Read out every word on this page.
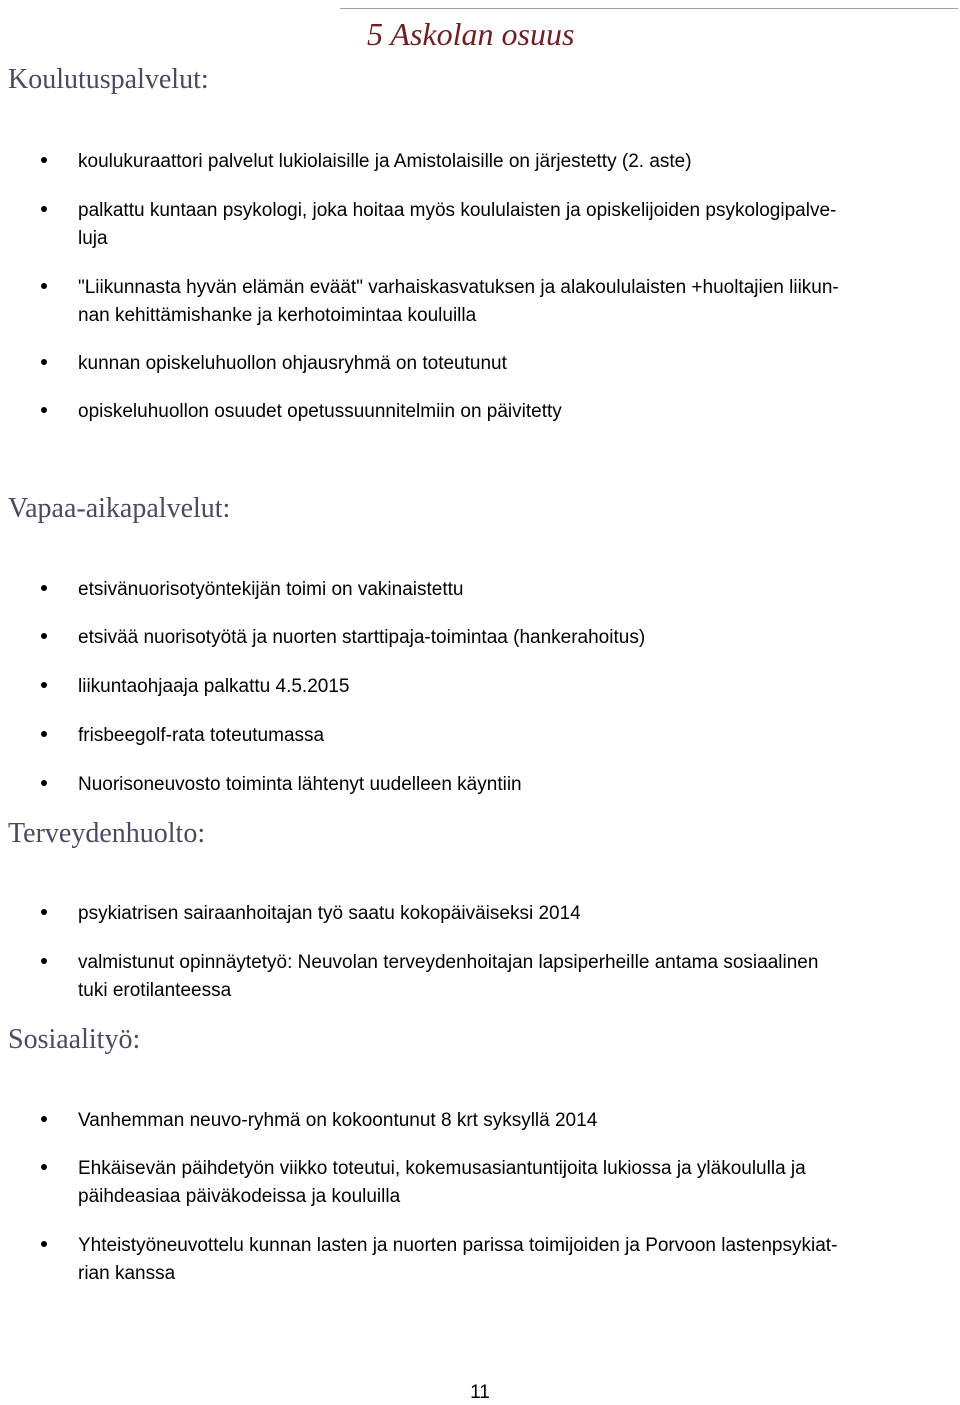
5 Askolan osuus
Koulutuspalvelut:
koulukuraattori palvelut lukiolaisille ja Amistolaisille on järjestetty (2. aste)
palkattu kuntaan psykologi, joka hoitaa myös koululaisten ja opiskelijoiden psykologipalve-
luja
"Liikunnasta hyvän elämän eväät" varhaiskasvatuksen ja alakoululaisten +huoltajien liikun-
nan kehittämishanke ja kerhotoimintaa kouluilla
kunnan opiskeluhuollon ohjausryhmä on toteutunut
opiskeluhuollon osuudet opetussuunnitelmiin on päivitetty
Vapaa-aikapalvelut:
etsivänuorisotyöntekijän toimi on vakinaistettu
etsivää nuorisotyötä ja nuorten starttipaja-toimintaa (hankerahoitus)
liikuntaohjaaja palkattu 4.5.2015
frisbeegolf-rata toteutumassa
Nuorisoneuvosto toiminta lähtenyt uudelleen käyntiin
Terveydenhuolto:
psykiatrisen sairaanhoitajan työ saatu kokopäiväiseksi 2014
valmistunut opinnäytetyö: Neuvolan terveydenhoitajan lapsiperheille antama sosiaalinen
tuki erotilanteessa
Sosiaalityö:
Vanhemman neuvo-ryhmä on kokoontunut 8 krt syksyllä 2014
Ehkäisevän päihdetyön viikko toteutui, kokemusasiantuntijoita lukiossa ja yläkoululla ja
päihdeasiaa päiväkodeissa ja kouluilla
Yhteistyöneuvottelu kunnan lasten ja nuorten parissa toimijoiden ja Porvoon lastenpsykiat-
rian kanssa
11
